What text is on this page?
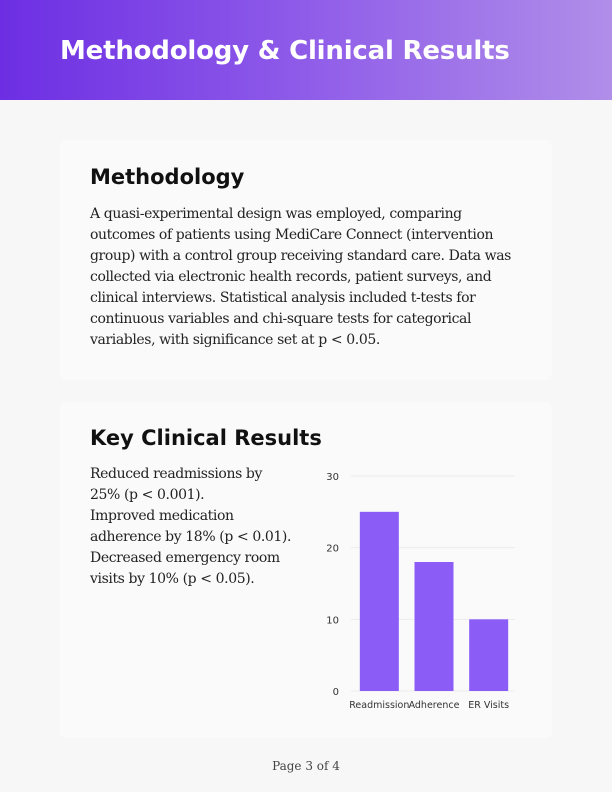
Methodology & Clinical Results
Methodology

A quasi-experimental design was employed, comparing outcomes of patients using MediCare Connect (intervention group) with a control group receiving standard care. Data was collected via electronic health records, patient surveys, and clinical interviews. Statistical analysis included t-tests for continuous variables and chi-square tests for categorical variables, with significance set at p < 0.05.

Key Clinical Results
Reduced readmissions by 25% (p < 0.001).
Improved medication adherence by 18% (p < 0.01).
Decreased emergency room visits by 10% (p < 0.05).
0
10
20
30
Readmission Adherence ER Visits
Page 3 of 4
